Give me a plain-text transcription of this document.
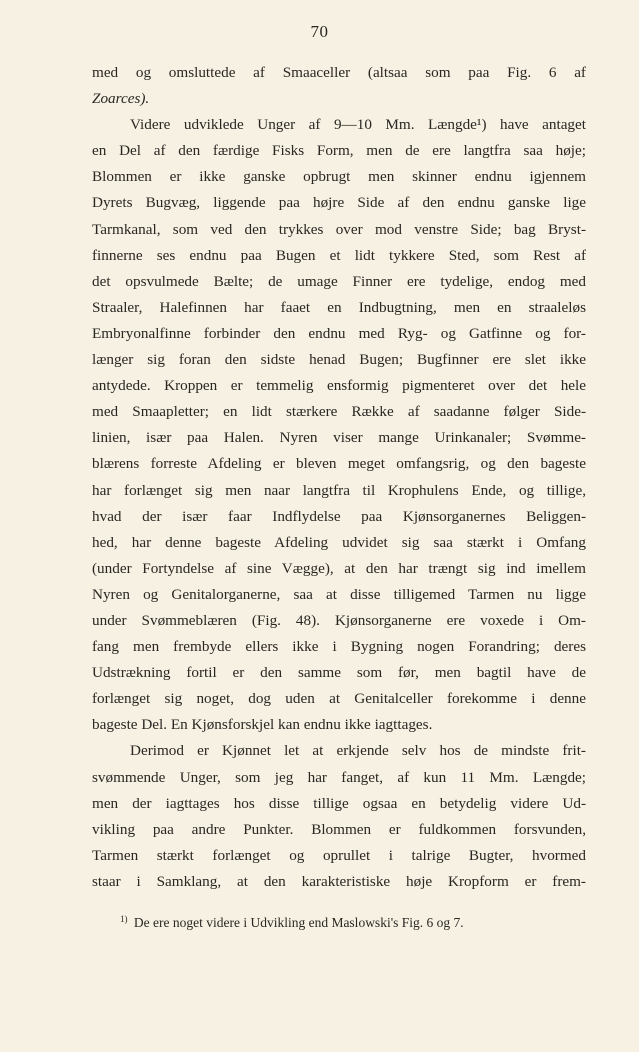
70
med og omsluttede af Smaaceller (altsaa som paa Fig. 6 af
Zoarces).
Videre udviklede Unger af 9—10 Mm. Længde¹) have antaget
en Del af den færdige Fisks Form, men de ere langtfra saa høje;
Blommen er ikke ganske opbrugt men skinner endnu igjennem
Dyrets Bugvæg, liggende paa højre Side af den endnu ganske lige
Tarmkanal, som ved den trykkes over mod venstre Side; bag Bryst-
finnerne ses endnu paa Bugen et lidt tykkere Sted, som Rest af
det opsvulmede Bælte; de umage Finner ere tydelige, endog med
Straaler, Halefinnen har faaet en Indbugtning, men en straaleløs
Embryonalfinne forbinder den endnu med Ryg- og Gatfinne og for-
længer sig foran den sidste henad Bugen; Bugfinner ere slet ikke
antydede. Kroppen er temmelig ensformig pigmenteret over det hele
med Smaapletter; en lidt stærkere Række af saadanne følger Side-
linien, især paa Halen. Nyren viser mange Urinkanaler; Svømme-
blærens forreste Afdeling er bleven meget omfangsrig, og den bageste
har forlænget sig men naar langtfra til Krophulens Ende, og tillige,
hvad der især faar Indflydelse paa Kjønsorganernes Beliggen-
hed, har denne bageste Afdeling udvidet sig saa stærkt i Omfang
(under Fortyndelse af sine Vægge), at den har trængt sig ind imellem
Nyren og Genitalorganerne, saa at disse tilligemed Tarmen nu ligge
under Svømmeblæren (Fig. 48). Kjønsorganerne ere voxede i Om-
fang men frembyde ellers ikke i Bygning nogen Forandring; deres
Udstrækning fortil er den samme som før, men bagtil have de
forlænget sig noget, dog uden at Genitalceller forekomme i denne
bageste Del. En Kjønsforskjel kan endnu ikke iagttages.
Derimod er Kjønnet let at erkjende selv hos de mindste frit-
svømmende Unger, som jeg har fanget, af kun 11 Mm. Længde;
men der iagttages hos disse tillige ogsaa en betydelig videre Ud-
vikling paa andre Punkter. Blommen er fuldkommen forsvunden,
Tarmen stærkt forlænget og oprullet i talrige Bugter, hvormed
staar i Samklang, at den karakteristiske høje Kropform er frem-
$^{1)}$ De ere noget videre i Udvikling end Maslowski's Fig. 6 og 7.
